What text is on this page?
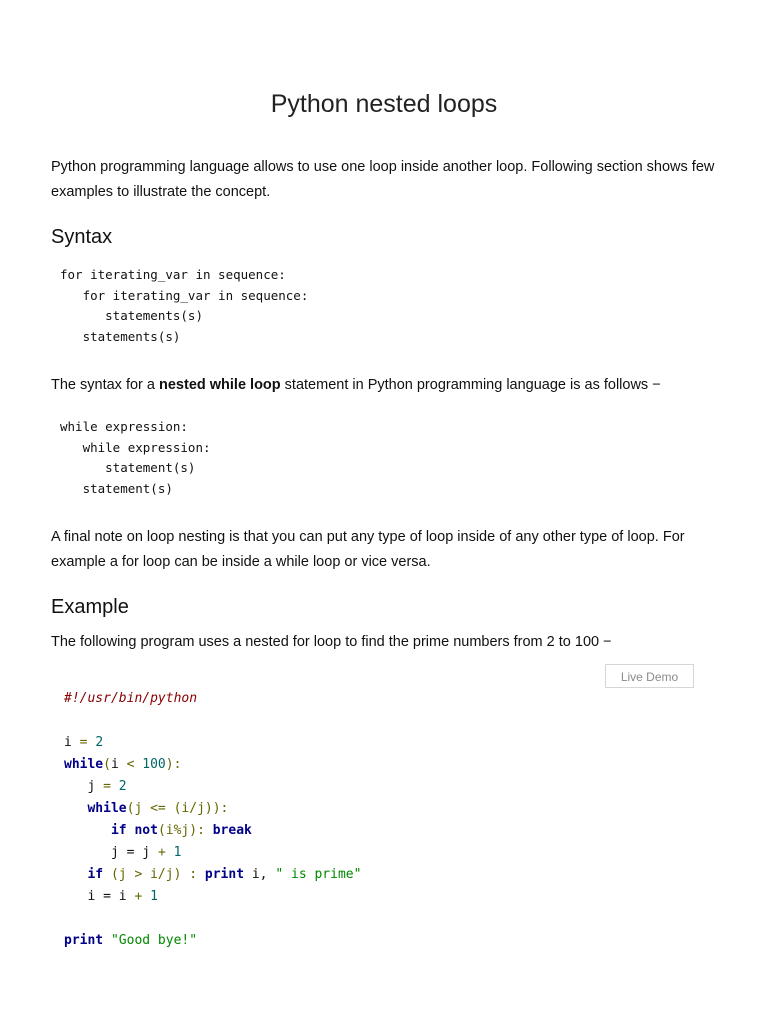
Python nested loops

Python programming language allows to use one loop inside another loop. Following section shows few examples to illustrate the concept.

Syntax
for iterating_var in sequence:
for iterating_var in sequence:
statements(s)
statements(s)

The syntax for a nested while loop statement in Python programming language is as follows −

while expression:
while expression:
statement(s)
statement(s)

A final note on loop nesting is that you can put any type of loop inside of any other type of loop. For example a for loop can be inside a while loop or vice versa.

Example

The following program uses a nested for loop to find the prime numbers from 2 to 100 −

Live Demo
#!/usr/bin/python

i = 2
while(i < 100):
j = 2
while(j <= (i/j)):
if not(i%j): break
j = j + 1
if (j > i/j) : print i, " is prime"
i = i + 1

print "Good bye!"
